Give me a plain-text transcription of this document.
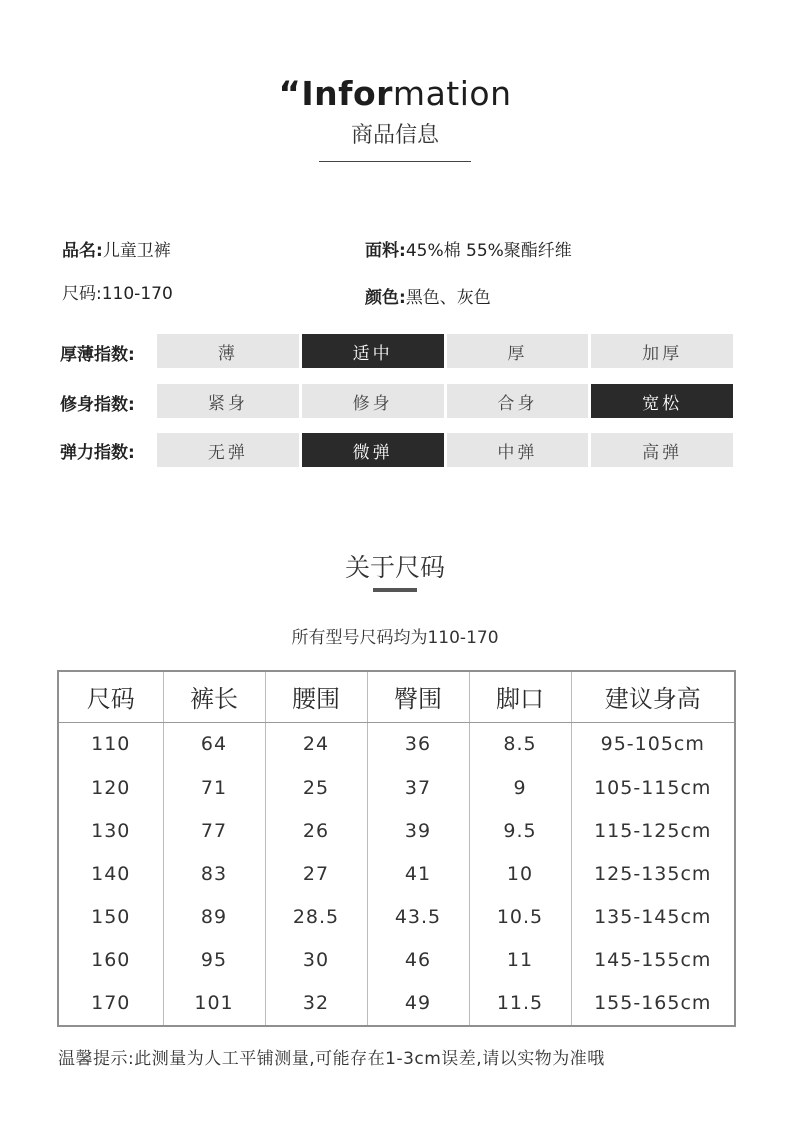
“Information
商品信息
品名:儿童卫裤	面料:45%棉 55%聚酯纤维
尺码:110-170	颜色:黑色、灰色
厚薄指数:	薄	适中	厚	加厚
修身指数:	紧身	修身	合身	宽松
弹力指数:	无弹	微弹	中弹	高弹
关于尺码
所有型号尺码均为110-170
尺码	裤长	腰围	臀围	脚口	建议身高
110	64	24	36	8.5	95-105cm
120	71	25	37	9	105-115cm
130	77	26	39	9.5	115-125cm
140	83	27	41	10	125-135cm
150	89	28.5	43.5	10.5	135-145cm
160	95	30	46	11	145-155cm
170	101	32	49	11.5	155-165cm
温馨提示:此测量为人工平铺测量,可能存在1-3cm误差,请以实物为准哦
